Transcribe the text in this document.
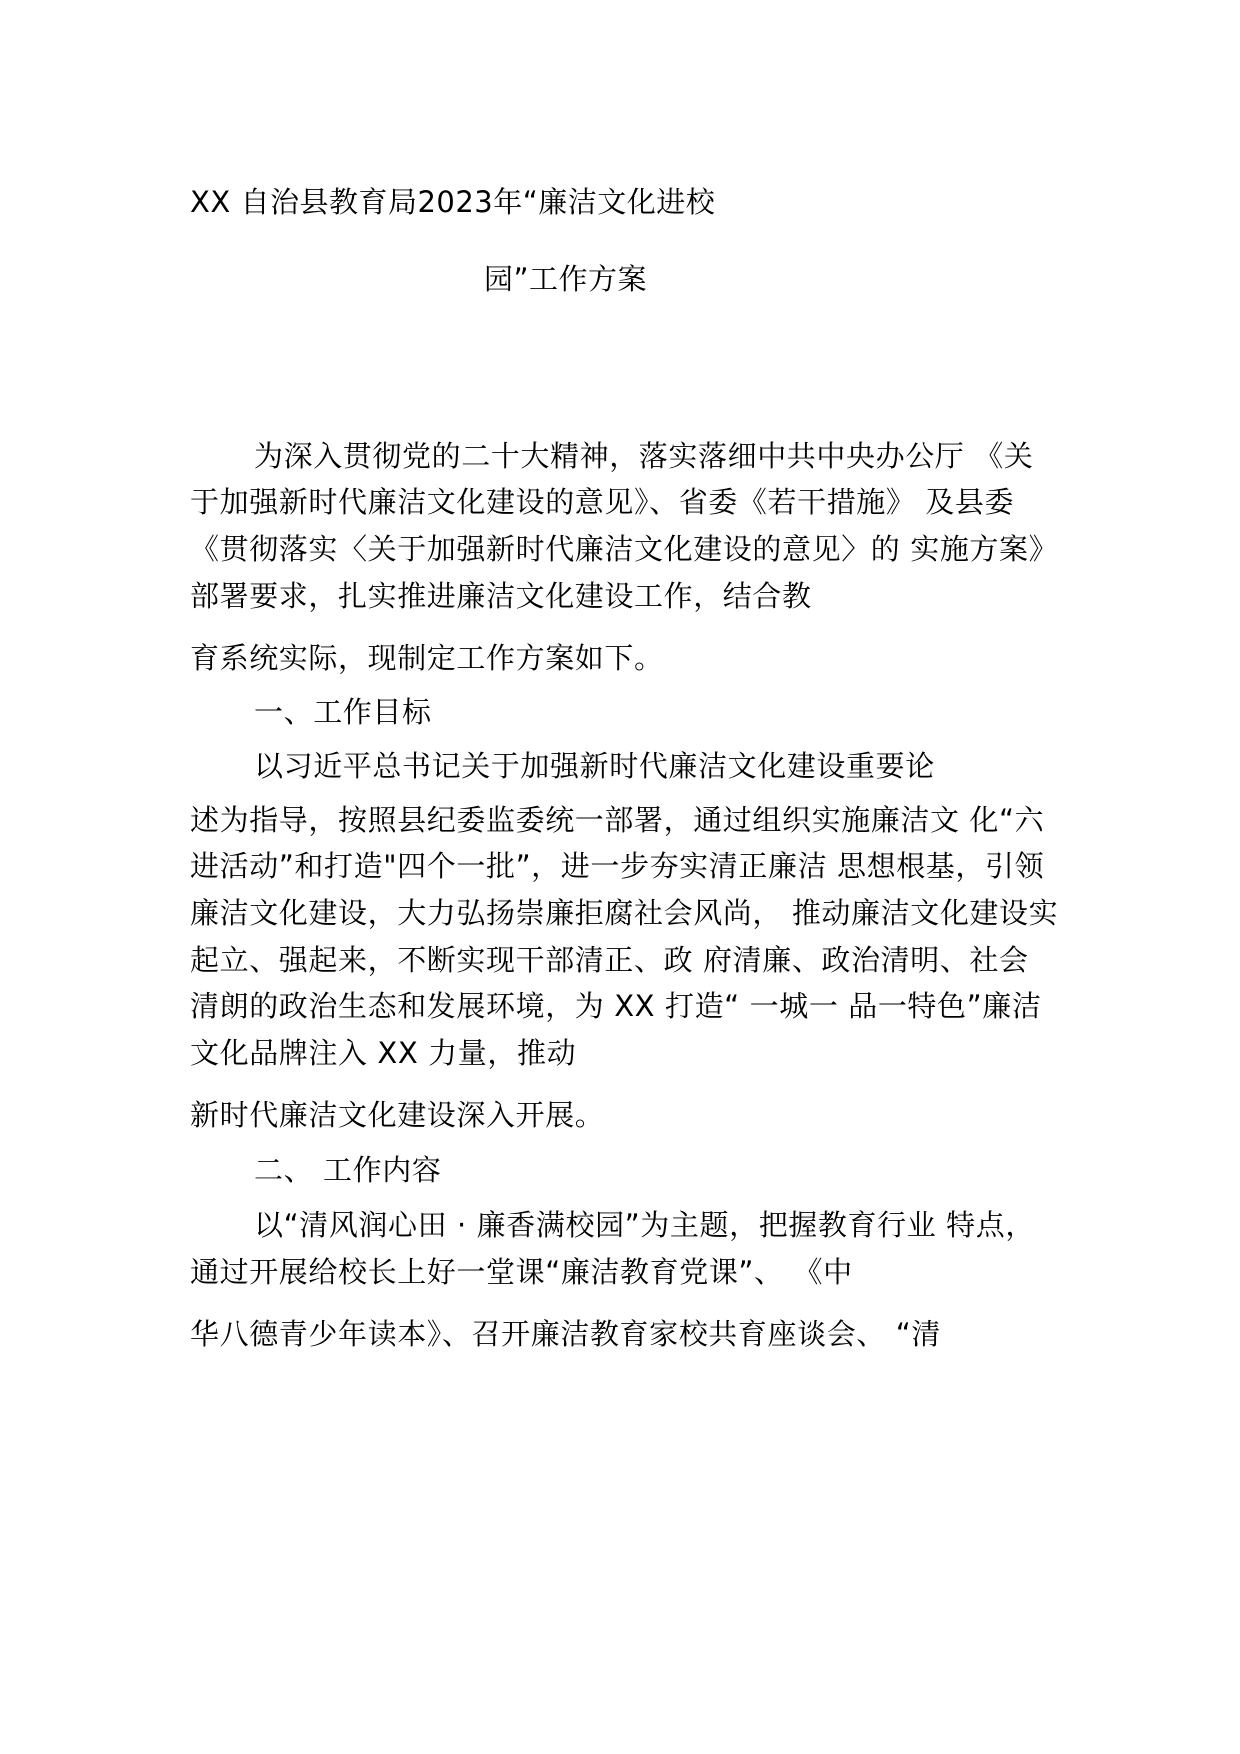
XX 自治县教育局2023年“廉洁文化进校

园”工作方案

为深入贯彻党的二十大精神，落实落细中共中央办公厅 《关

于加强新时代廉洁文化建设的意见》、省委《若干措施》 及县委

《贯彻落实〈关于加强新时代廉洁文化建设的意见〉的 实施方案》

部署要求，扎实推进廉洁文化建设工作，结合教

育系统实际，现制定工作方案如下。

一、工作目标

以习近平总书记关于加强新时代廉洁文化建设重要论

述为指导，按照县纪委监委统一部署，通过组织实施廉洁文 化“六

进活动”和打造"四个一批”，进一步夯实清正廉洁 思想根基，引领

廉洁文化建设，大力弘扬崇廉拒腐社会风尚， 推动廉洁文化建设实

起立、强起来，不断实现干部清正、政 府清廉、政治清明、社会

清朗的政治生态和发展环境，为 XX 打造“ 一城一 品一特色”廉洁

文化品牌注入 XX 力量，推动

新时代廉洁文化建设深入开展。

二、 工作内容

以“清风润心田 · 廉香满校园”为主题，把握教育行业 特点，

通过开展给校长上好一堂课“廉洁教育党课”、 《中

华八德青少年读本》、召开廉洁教育家校共育座谈会、 “清
